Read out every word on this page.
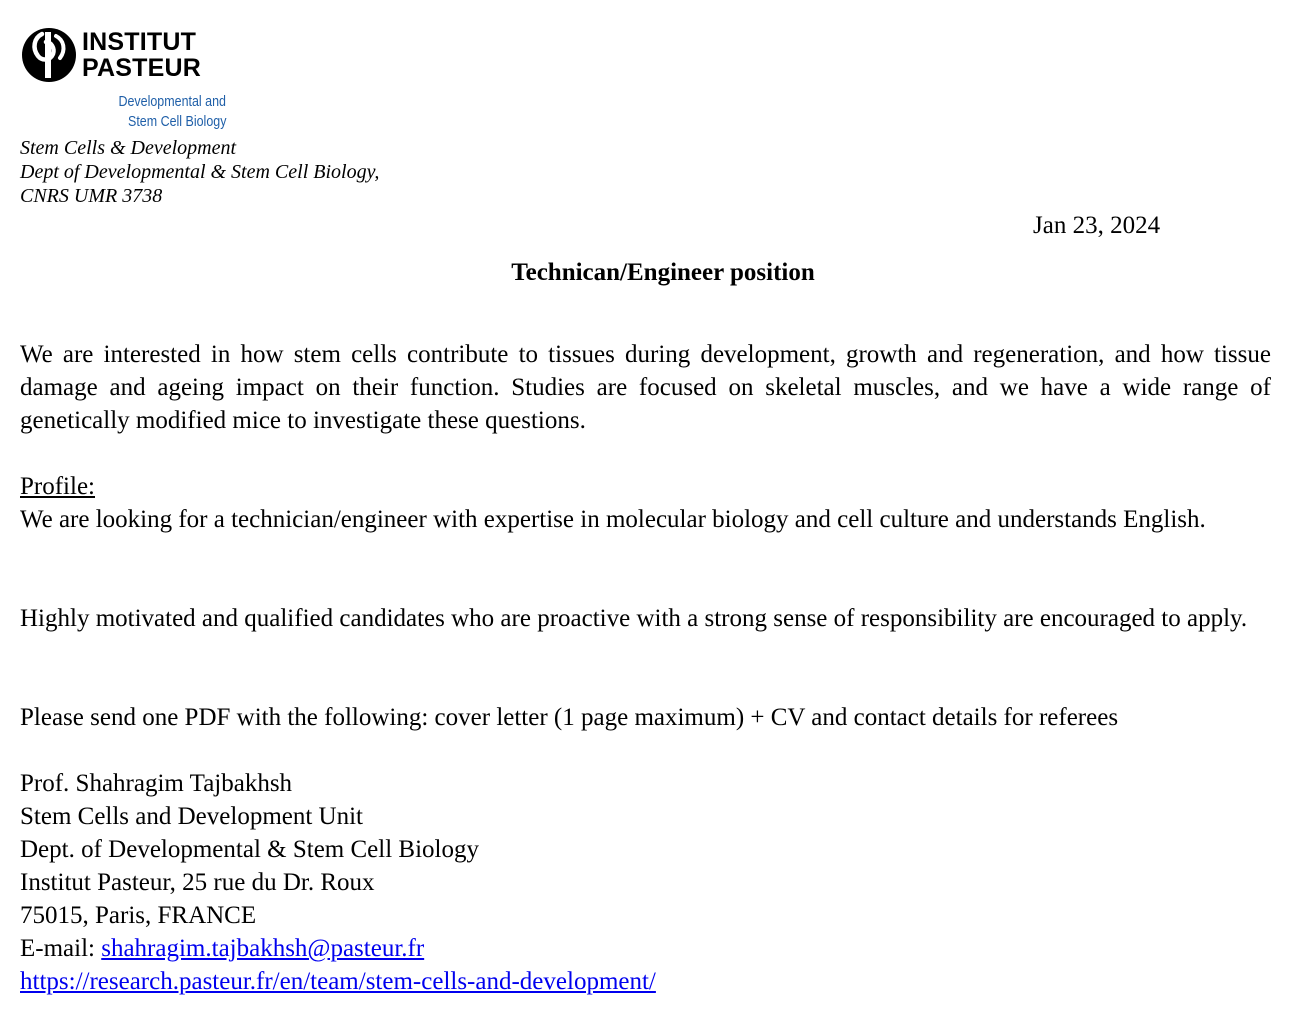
INSTITUT
PASTEUR
Developmental and
Stem Cell Biology
Stem Cells & Development
Dept of Developmental & Stem Cell Biology,
CNRS UMR 3738
Jan 23, 2024
Technican/Engineer position
We are interested in how stem cells contribute to tissues during development, growth and regeneration, and how tissue damage and ageing impact on their function. Studies are focused on skeletal muscles, and we have a wide range of genetically modified mice to investigate these questions.
Profile:
We are looking for a technician/engineer with expertise in molecular biology and cell culture and understands English.
Highly motivated and qualified candidates who are proactive with a strong sense of responsibility are encouraged to apply.
Please send one PDF with the following: cover letter (1 page maximum) + CV and contact details for referees
Prof. Shahragim Tajbakhsh
Stem Cells and Development Unit
Dept. of Developmental & Stem Cell Biology
Institut Pasteur, 25 rue du Dr. Roux
75015, Paris, FRANCE
E-mail: shahragim.tajbakhsh@pasteur.fr
https://research.pasteur.fr/en/team/stem-cells-and-development/
